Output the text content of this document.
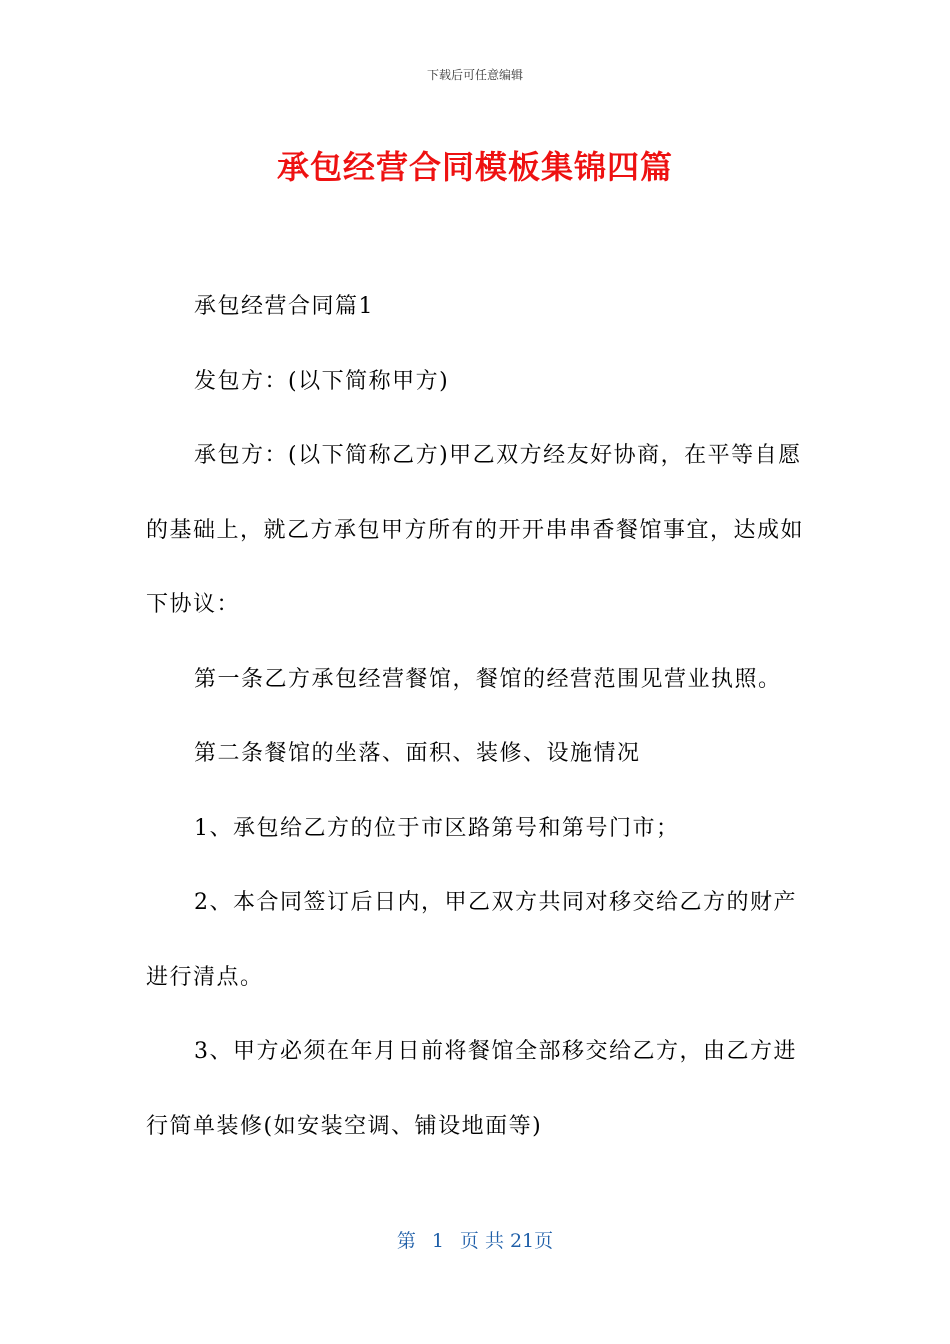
下载后可任意编辑
承包经营合同模板集锦四篇

承包经营合同篇1

发包方：(以下简称甲方)

承包方：(以下简称乙方)甲乙双方经友好协商，在平等自愿的基础上，就乙方承包甲方所有的开开串串香餐馆事宜，达成如下协议：

第一条乙方承包经营餐馆，餐馆的经营范围见营业执照。

第二条餐馆的坐落、面积、装修、设施情况

1、承包给乙方的位于市区路第号和第号门市；

2、本合同签订后日内，甲乙双方共同对移交给乙方的财产进行清点。

3、甲方必须在年月日前将餐馆全部移交给乙方，由乙方进行简单装修(如安装空调、铺设地面等)

第 1 页 共 21页
